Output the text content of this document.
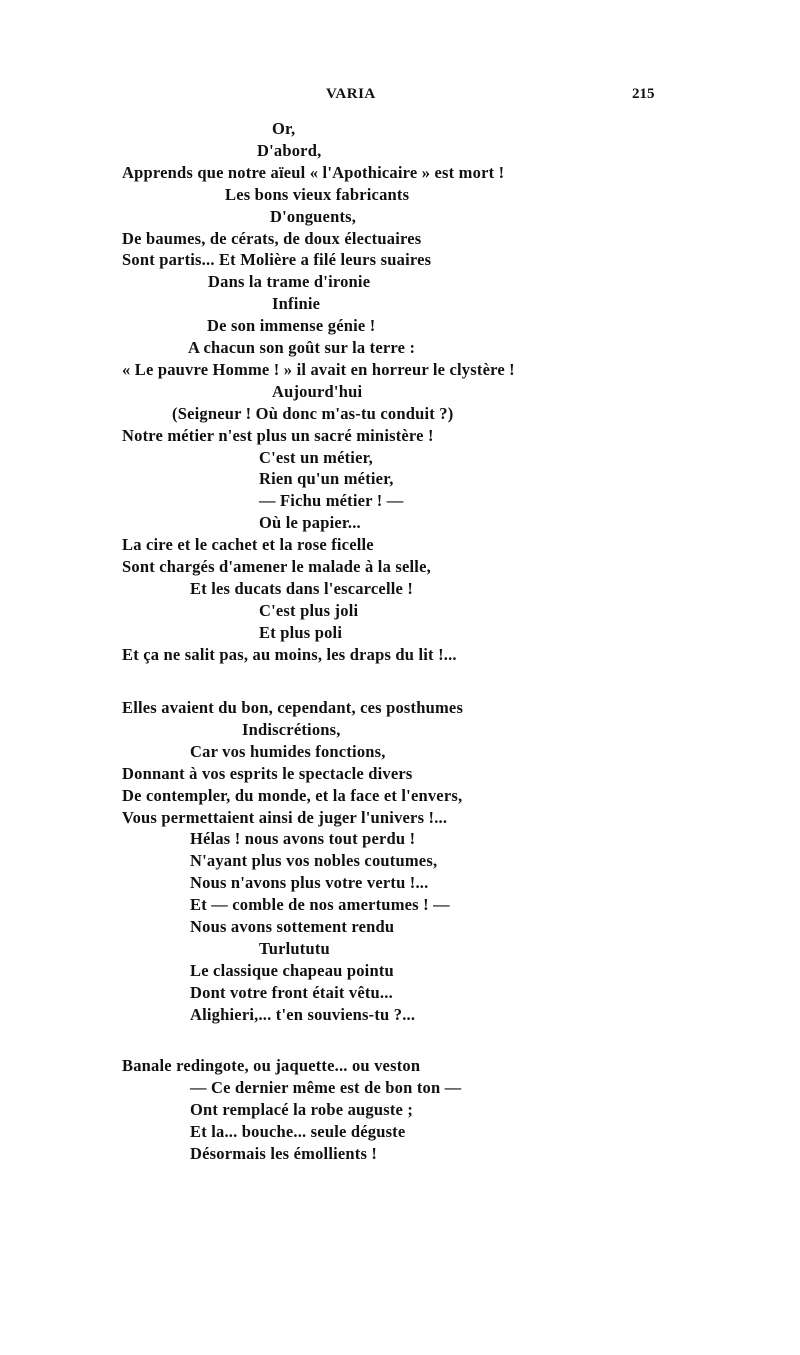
VARIA	215
Or,
D'abord,
Apprends que notre aïeul « l'Apothicaire » est mort !
Les bons vieux fabricants
D'onguents,
De baumes, de cérats, de doux électuaires
Sont partis... Et Molière a filé leurs suaires
Dans la trame d'ironie
Infinie
De son immense génie !
A chacun son goût sur la terre :
« Le pauvre Homme ! » il avait en horreur le clystère !
Aujourd'hui
(Seigneur ! Où donc m'as-tu conduit ?)
Notre métier n'est plus un sacré ministère !
C'est un métier,
Rien qu'un métier,
— Fichu métier ! —
Où le papier...
La cire et le cachet et la rose ficelle
Sont chargés d'amener le malade à la selle,
Et les ducats dans l'escarcelle !
C'est plus joli
Et plus poli
Et ça ne salit pas, au moins, les draps du lit !...
Elles avaient du bon, cependant, ces posthumes
Indiscrétions,
Car vos humides fonctions,
Donnant à vos esprits le spectacle divers
De contempler, du monde, et la face et l'envers,
Vous permettaient ainsi de juger l'univers !...
Hélas ! nous avons tout perdu !
N'ayant plus vos nobles coutumes,
Nous n'avons plus votre vertu !...
Et — comble de nos amertumes ! —
Nous avons sottement rendu
Turlututu
Le classique chapeau pointu
Dont votre front était vêtu...
Alighieri,... t'en souviens-tu ?...
Banale redingote, ou jaquette... ou veston
— Ce dernier même est de bon ton —
Ont remplacé la robe auguste ;
Et la... bouche... seule déguste
Désormais les émollients !
